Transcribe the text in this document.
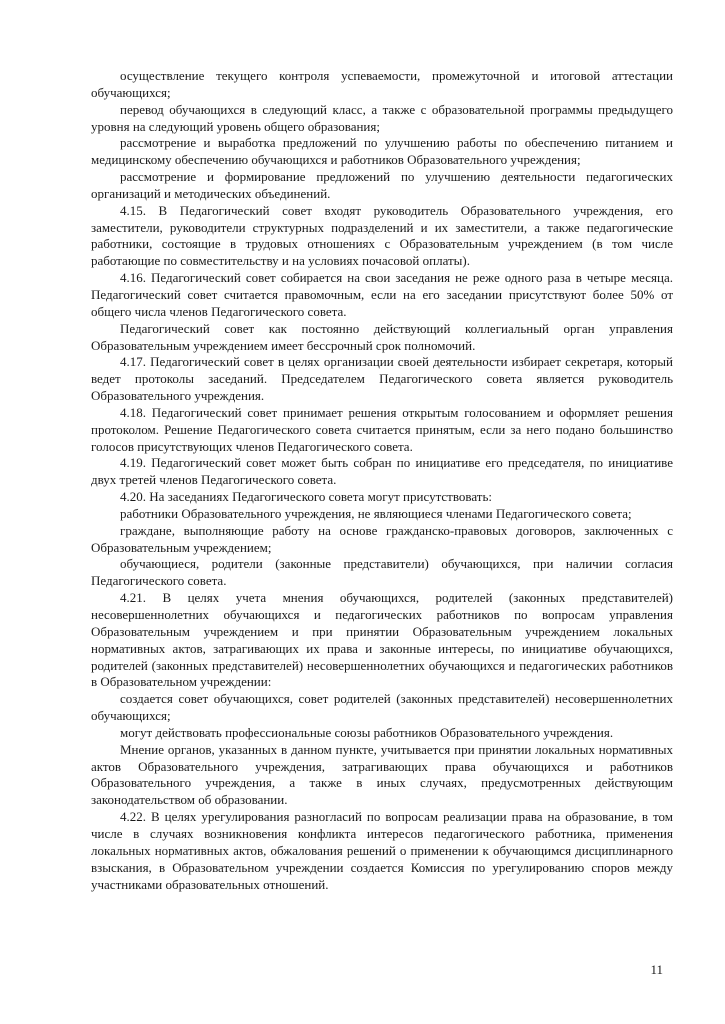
осуществление текущего контроля успеваемости, промежуточной и итоговой аттестации обучающихся;

перевод обучающихся в следующий класс, а также с образовательной программы предыдущего уровня на следующий уровень общего образования;

рассмотрение и выработка предложений по улучшению работы по обеспечению питанием и медицинскому обеспечению обучающихся и работников Образовательного учреждения;

рассмотрение и формирование предложений по улучшению деятельности педагогических организаций и методических объединений.

4.15. В Педагогический совет входят руководитель Образовательного учреждения, его заместители, руководители структурных подразделений и их заместители, а также педагогические работники, состоящие в трудовых отношениях с Образовательным учреждением (в том числе работающие по совместительству и на условиях почасовой оплаты).

4.16. Педагогический совет собирается на свои заседания не реже одного раза в четыре месяца. Педагогический совет считается правомочным, если на его заседании присутствуют более 50% от общего числа членов Педагогического совета.

Педагогический совет как постоянно действующий коллегиальный орган управления Образовательным учреждением имеет бессрочный срок полномочий.

4.17. Педагогический совет в целях организации своей деятельности избирает секретаря, который ведет протоколы заседаний. Председателем Педагогического совета является руководитель Образовательного учреждения.

4.18. Педагогический совет принимает решения открытым голосованием и оформляет решения протоколом. Решение Педагогического совета считается принятым, если за него подано большинство голосов присутствующих членов Педагогического совета.

4.19. Педагогический совет может быть собран по инициативе его председателя, по инициативе двух третей членов Педагогического совета.

4.20. На заседаниях Педагогического совета могут присутствовать:

работники Образовательного учреждения, не являющиеся членами Педагогического совета;

граждане, выполняющие работу на основе гражданско-правовых договоров, заключенных с Образовательным учреждением;

обучающиеся, родители (законные представители) обучающихся, при наличии согласия Педагогического совета.

4.21. В целях учета мнения обучающихся, родителей (законных представителей) несовершеннолетних обучающихся и педагогических работников по вопросам управления Образовательным учреждением и при принятии Образовательным учреждением локальных нормативных актов, затрагивающих их права и законные интересы, по инициативе обучающихся, родителей (законных представителей) несовершеннолетних обучающихся и педагогических работников в Образовательном учреждении:

создается совет обучающихся, совет родителей (законных представителей) несовершеннолетних обучающихся;

могут действовать профессиональные союзы работников Образовательного учреждения.

Мнение органов, указанных в данном пункте, учитывается при принятии локальных нормативных актов Образовательного учреждения, затрагивающих права обучающихся и работников Образовательного учреждения, а также в иных случаях, предусмотренных действующим законодательством об образовании.

4.22. В целях урегулирования разногласий по вопросам реализации права на образование, в том числе в случаях возникновения конфликта интересов педагогического работника, применения локальных нормативных актов, обжалования решений о применении к обучающимся дисциплинарного взыскания, в Образовательном учреждении создается Комиссия по урегулированию споров между участниками образовательных отношений.

11
